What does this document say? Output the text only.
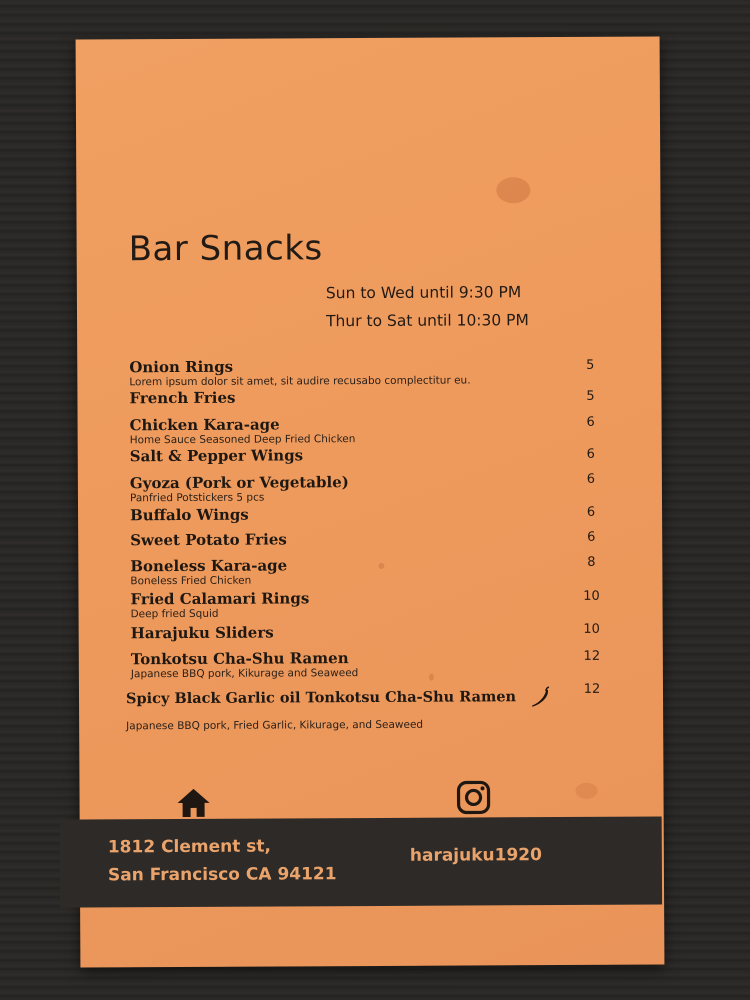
Bar Snacks
Sun to Wed until 9:30 PM
Thur to Sat until 10:30 PM
Onion Rings
Lorem ipsum dolor sit amet, sit audire recusabo complectitur eu.
5
French Fries	5
Chicken Kara-age
Home Sauce Seasoned Deep Fried Chicken
6
Salt & Pepper Wings	6
Gyoza (Pork or Vegetable)
Panfried Potstickers 5 pcs
6
Buffalo Wings	6
Sweet Potato Fries	6
Boneless Kara-age
Boneless Fried Chicken
8
Fried Calamari Rings
Deep fried Squid
10
Harajuku Sliders	10
Tonkotsu Cha-Shu Ramen
Japanese BBQ pork, Kikurage and Seaweed
12
Spicy Black Garlic oil Tonkotsu Cha-Shu Ramen
Japanese BBQ pork, Fried Garlic, Kikurage, and Seaweed
12
1812 Clement st,
San Francisco CA 94121
harajuku1920
